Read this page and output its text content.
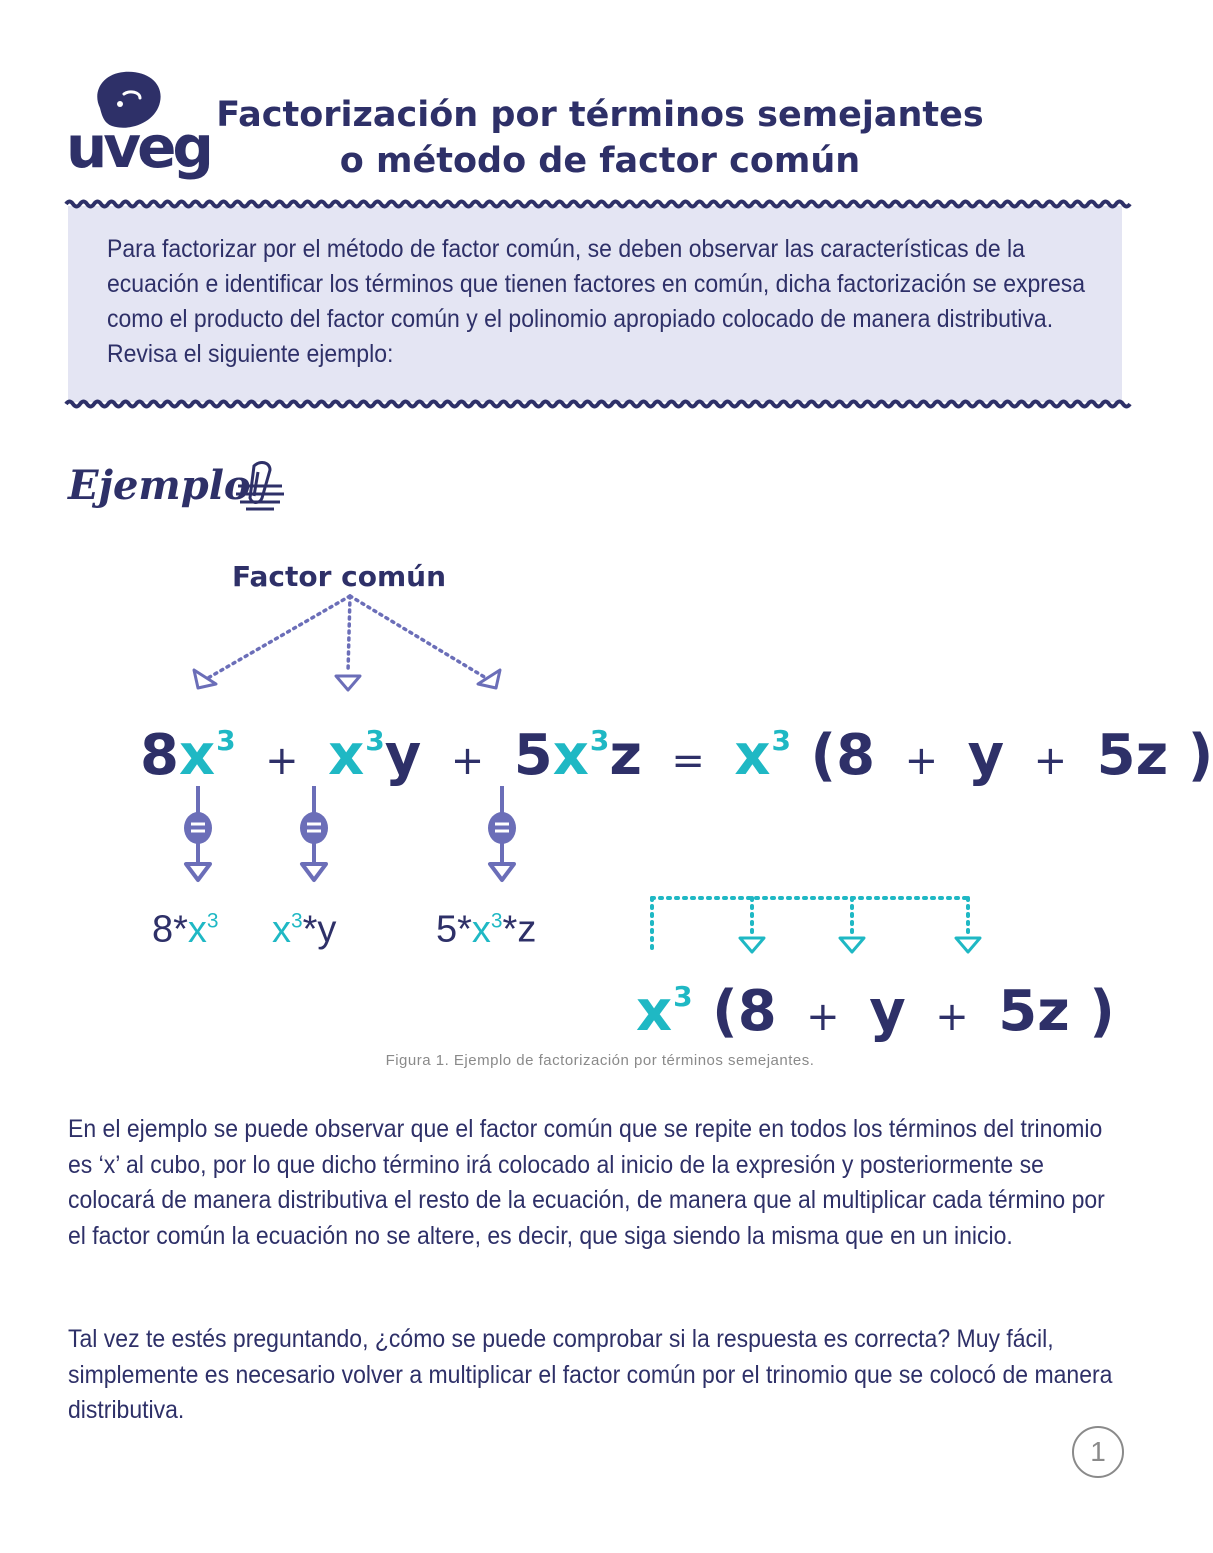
uveg Factorización por términos semejantes
o método de factor común
Para factorizar por el método de factor común, se deben observar las características de la ecuación e identificar los términos que tienen factores en común, dicha factorización se expresa como el producto del factor común y el polinomio apropiado colocado de manera distributiva. Revisa el siguiente ejemplo:
Ejemplo
Factor común
$8x^3 + x^3y + 5x^3z = x^3$ (8 + y + 5z )
$8*x^3$ $x^3*y$	$5*x^3*z$
$x^3$ (8 + y + 5z )
Figura 1. Ejemplo de factorización por términos semejantes.
En el ejemplo se puede observar que el factor común que se repite en todos los términos del trinomio es ‘x’ al cubo, por lo que dicho término irá colocado al inicio de la expresión y posteriormente se colocará de manera distributiva el resto de la ecuación, de manera que al multiplicar cada término por el factor común la ecuación no se altere, es decir, que siga siendo la misma que en un inicio.
Tal vez te estés preguntando, ¿cómo se puede comprobar si la respuesta es correcta? Muy fácil, simplemente es necesario volver a multiplicar el factor común por el trinomio que se colocó de manera distributiva.
1
